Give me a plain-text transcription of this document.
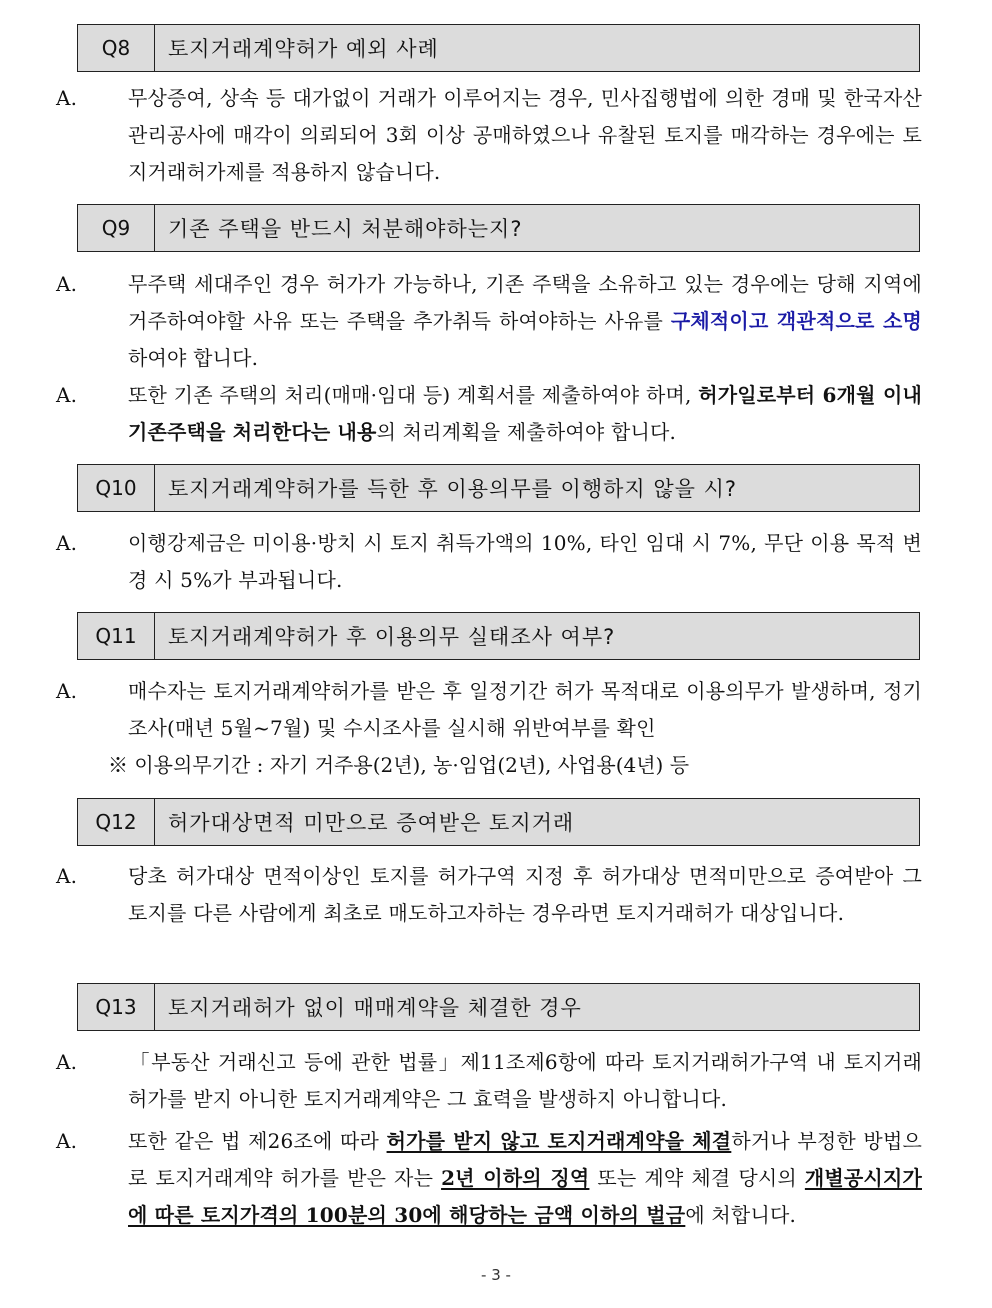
Q8	토지거래계약허가 예외 사례
A.	무상증여, 상속 등 대가없이 거래가 이루어지는 경우, 민사집행법에 의한 경매 및 한국자산관리공사에 매각이 의뢰되어 3회 이상 공매하였으나 유찰된 토지를 매각하는 경우에는 토지거래허가제를 적용하지 않습니다.
Q9	기존 주택을 반드시 처분해야하는지?
A.	무주택 세대주인 경우 허가가 가능하나, 기존 주택을 소유하고 있는 경우에는 당해 지역에 거주하여야할 사유 또는 주택을 추가취득 하여야하는 사유를 구체적이고 객관적으로 소명하여야 합니다.
A.	또한 기존 주택의 처리(매매·임대 등) 계획서를 제출하여야 하며, 허가일로부터 6개월 이내 기존주택을 처리한다는 내용의 처리계획을 제출하여야 합니다.
Q10	토지거래계약허가를 득한 후 이용의무를 이행하지 않을 시?
A.	이행강제금은 미이용·방치 시 토지 취득가액의 10%, 타인 임대 시 7%, 무단 이용 목적 변경 시 5%가 부과됩니다.
Q11	토지거래계약허가 후 이용의무 실태조사 여부?
A.	매수자는 토지거래계약허가를 받은 후 일정기간 허가 목적대로 이용의무가 발생하며, 정기조사(매년 5월~7월) 및 수시조사를 실시해 위반여부를 확인
※ 이용의무기간 : 자기 거주용(2년), 농·임업(2년), 사업용(4년) 등
Q12	허가대상면적 미만으로 증여받은 토지거래
A.	당초 허가대상 면적이상인 토지를 허가구역 지정 후 허가대상 면적미만으로 증여받아 그 토지를 다른 사람에게 최초로 매도하고자하는 경우라면 토지거래허가 대상입니다.
Q13	토지거래허가 없이 매매계약을 체결한 경우
A.	「부동산 거래신고 등에 관한 법률」제11조제6항에 따라 토지거래허가구역 내 토지거래 허가를 받지 아니한 토지거래계약은 그 효력을 발생하지 아니합니다.
A.	또한 같은 법 제26조에 따라 허가를 받지 않고 토지거래계약을 체결하거나 부정한 방법으로 토지거래계약 허가를 받은 자는 2년 이하의 징역 또는 계약 체결 당시의 개별공시지가에 따른 토지가격의 100분의 30에 해당하는 금액 이하의 벌금에 처합니다.
- 3 -
